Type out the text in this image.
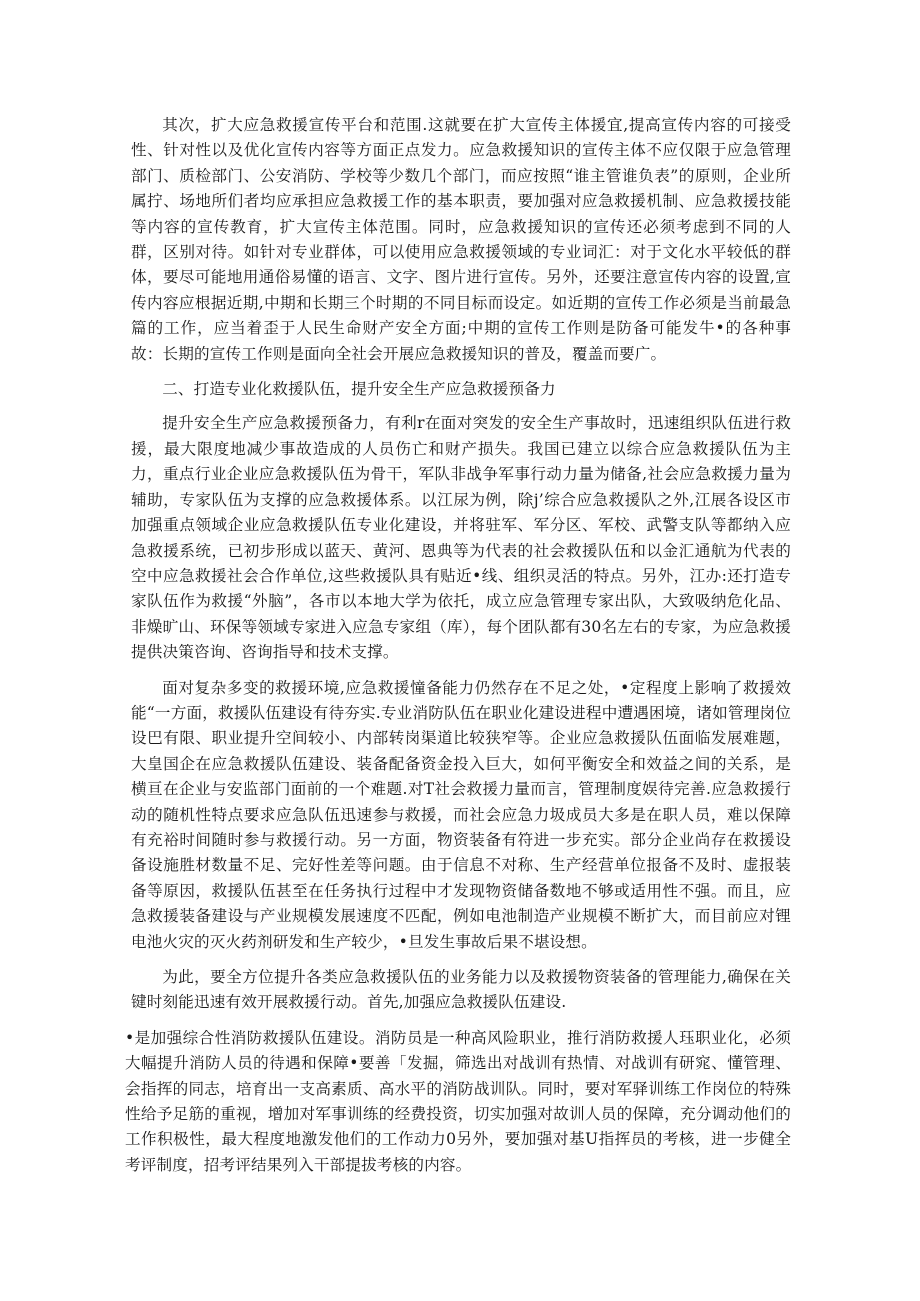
其次，扩大应急救援宣传平台和范围.这就要在扩大宣传主体援宜,提高宣传内容的可接受性、针对性以及优化宣传内容等方面正点发力。应急救援知识的宣传主体不应仅限于应急管理部门、质检部门、公安消防、学校等少数几个部门，而应按照“谁主管谁负表”的原则，企业所属拧、场地所们者均应承担应急救援工作的基本职责，要加强对应急救援机制、应急救援技能等内容的宣传教育，扩大宣传主体范围。同时，应急救援知识的宣传还必须考虑到不同的人群，区别对待。如针对专业群体，可以使用应急救援领域的专业词汇：对于文化水平较低的群体，要尽可能地用通俗易懂的语言、文字、图片进行宣传。另外，还要注意宣传内容的设置,宣传内容应根据近期,中期和长期三个时期的不同目标而设定。如近期的宣传工作必须是当前最急篇的工作，应当着歪于人民生命财产安全方面;中期的宣传工作则是防备可能发牛•的各种事故：长期的宣传工作则是面向全社会开展应急救援知识的普及，覆盖而要广。

二、打造专业化救援队伍，提升安全生产应急救援预备力

提升安全生产应急救援预备力，有利r在面对突发的安全生产事故时，迅速组织队伍进行救援，最大限度地减少事故造成的人员伤亡和财产损失。我国已建立以综合应急救援队伍为主力，重点行业企业应急救援队伍为骨干，军队非战争军事行动力量为储备,社会应急救援力量为辅助，专家队伍为支撑的应急救援体系。以江尿为例，除j’综合应急救援队之外,江展各设区市加强重点领域企业应急救援队伍专业化建设，并将驻军、军分区、军校、武警支队等都纳入应急救援系统，已初步形成以蓝天、黄河、恩典等为代表的社会救援队伍和以金汇通航为代表的空中应急救援社会合作单位,这些救援队具有贴近•线、组织灵活的特点。另外，江办:还打造专家队伍作为救援“外脑”，各市以本地大学为依托，成立应急管理专家出队，大致吸纳危化品、非燥旷山、环保等领域专家进入应急专家组（库），每个团队都有30名左右的专家，为应急救援提供决策咨询、咨询指导和技术支撑。

面对复杂多变的救援环境,应急救援憧备能力仍然存在不足之处，•定程度上影响了救援效能“一方面，救援队伍建设有待夯实.专业消防队伍在职业化建设进程中遭遇困境，诸如管理岗位设巴有限、职业提升空间较小、内部转岗渠道比较狭窄等。企业应急救援队伍面临发展难题，大皇国企在应急救援队伍建设、装备配备资金投入巨大，如何平衡安全和效益之间的关系，是横亘在企业与安监部门面前的一个难题.对T社会救援力量而言，管理制度娱待完善.应急救援行动的随机性特点要求应急队伍迅速参与救援，而社会应急力圾成员大多是在职人员，难以保障有充裕时间随时参与救援行动。另一方面，物资装备有符进一步充实。部分企业尚存在救援设备设施胜材数量不足、完好性差等问题。由于信息不对称、生产经营单位报备不及时、虚报装备等原因，救援队伍甚至在任务执行过程中才发现物资储备数地不够或适用性不强。而且，应急救援装备建设与产业规模发展速度不匹配，例如电池制造产业规模不断扩大，而目前应对锂电池火灾的灭火药剂研发和生产较少，•旦发生事故后果不堪设想。

为此，要全方位提升各类应急救援队伍的业务能力以及救援物资装备的管理能力,确保在关键时刻能迅速有效开展救援行动。首先,加强应急救援队伍建设.

•是加强综合性消防救援队伍建设。消防员是一种高风险职业，推行消防救援人珏职业化，必须大幅提升消防人员的待遇和保障•要善「发掘，筛选出对战训有热情、对战训有研窕、懂管理、会指挥的同志，培育出一支高素质、高水平的消防战训队。同时，要对军驿训练工作岗位的特殊性给予足筋的重视，增加对军事训练的经费投资，切实加强对故训人员的保障，充分调动他们的工作积极性，最大程度地激发他们的工作动力0另外，要加强对基U指挥员的考核，进一步健全考评制度，招考评结果列入干部提拔考核的内容。
